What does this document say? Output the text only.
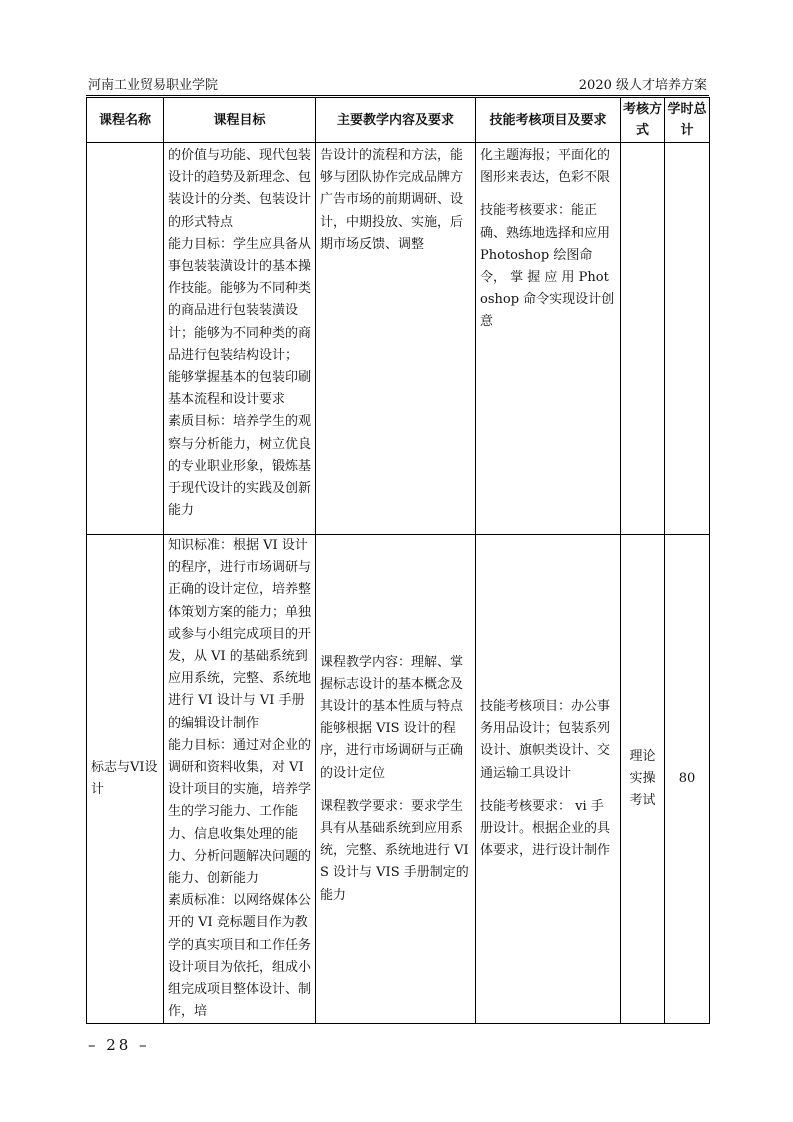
河南工业贸易职业学院	2020 级人才培养方案
课程名称	课程目标	主要教学内容及要求	技能考核项目及要求	考核方式	学时总计

	的价值与功能、现代包装设计的趋势及新理念、包装设计的分类、包装设计的形式特点
能力目标：学生应具备从事包装装潢设计的基本操作技能。能够为不同种类的商品进行包装装潢设计；能够为不同种类的商品进行包装结构设计；
能够掌握基本的包装印刷基本流程和设计要求
素质目标：培养学生的观察与分析能力，树立优良的专业职业形象，锻炼基于现代设计的实践及创新能力	告设计的流程和方法，能够与团队协作完成品牌方广告市场的前期调研、设计，中期投放、实施，后期市场反馈、调整	化主题海报；平面化的图形来表达，色彩不限
技能考核要求：能正确、熟练地选择和应用 Photoshop 绘图命令， 掌 握 应 用 Photoshop 命令实现设计创意		

标志与VI设计	知识标准：根据 VI 设计的程序，进行市场调研与正确的设计定位，培养整体策划方案的能力；单独或参与小组完成项目的开发，从 VI 的基础系统到应用系统，完整、系统地进行 VI 设计与 VI 手册的编辑设计制作
能力目标：通过对企业的调研和资料收集，对 VI 设计项目的实施，培养学生的学习能力、工作能力、信息收集处理的能力、分析问题解决问题的能力、创新能力
素质标准：以网络媒体公开的 VI 竞标题目作为教学的真实项目和工作任务设计项目为依托，组成小组完成项目整体设计、制作，培	课程教学内容：理解、掌握标志设计的基本概念及其设计的基本性质与特点能够根据 VIS 设计的程序，进行市场调研与正确的设计定位
课程教学要求：要求学生具有从基础系统到应用系统，完整、系统地进行 VIS 设计与 VIS 手册制定的能力	技能考核项目：办公事务用品设计；包装系列设计、旗帜类设计、交通运输工具设计
技能考核要求： vi 手册设计。根据企业的具体要求，进行设计制作	理论实操考试	80
– 28 –
